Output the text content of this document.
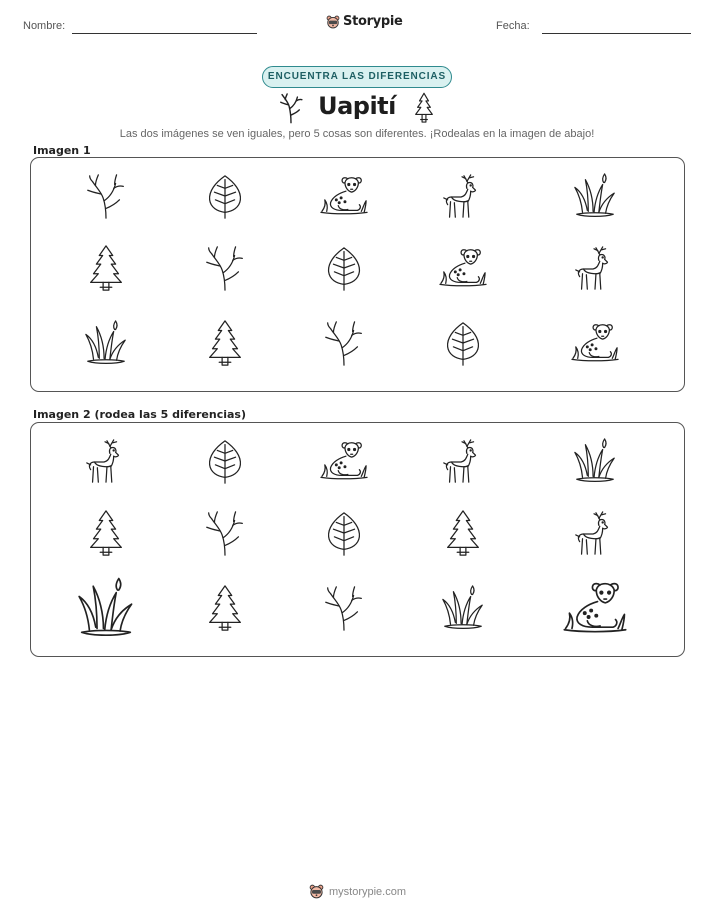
Nombre:	Storypie	Fecha:
ENCUENTRA LAS DIFERENCIAS
Uapití
Las dos imágenes se ven iguales, pero 5 cosas son diferentes. ¡Rodealas en la imagen de abajo!
Imagen 1
Imagen 2 (rodea las 5 diferencias)
mystorypie.com
